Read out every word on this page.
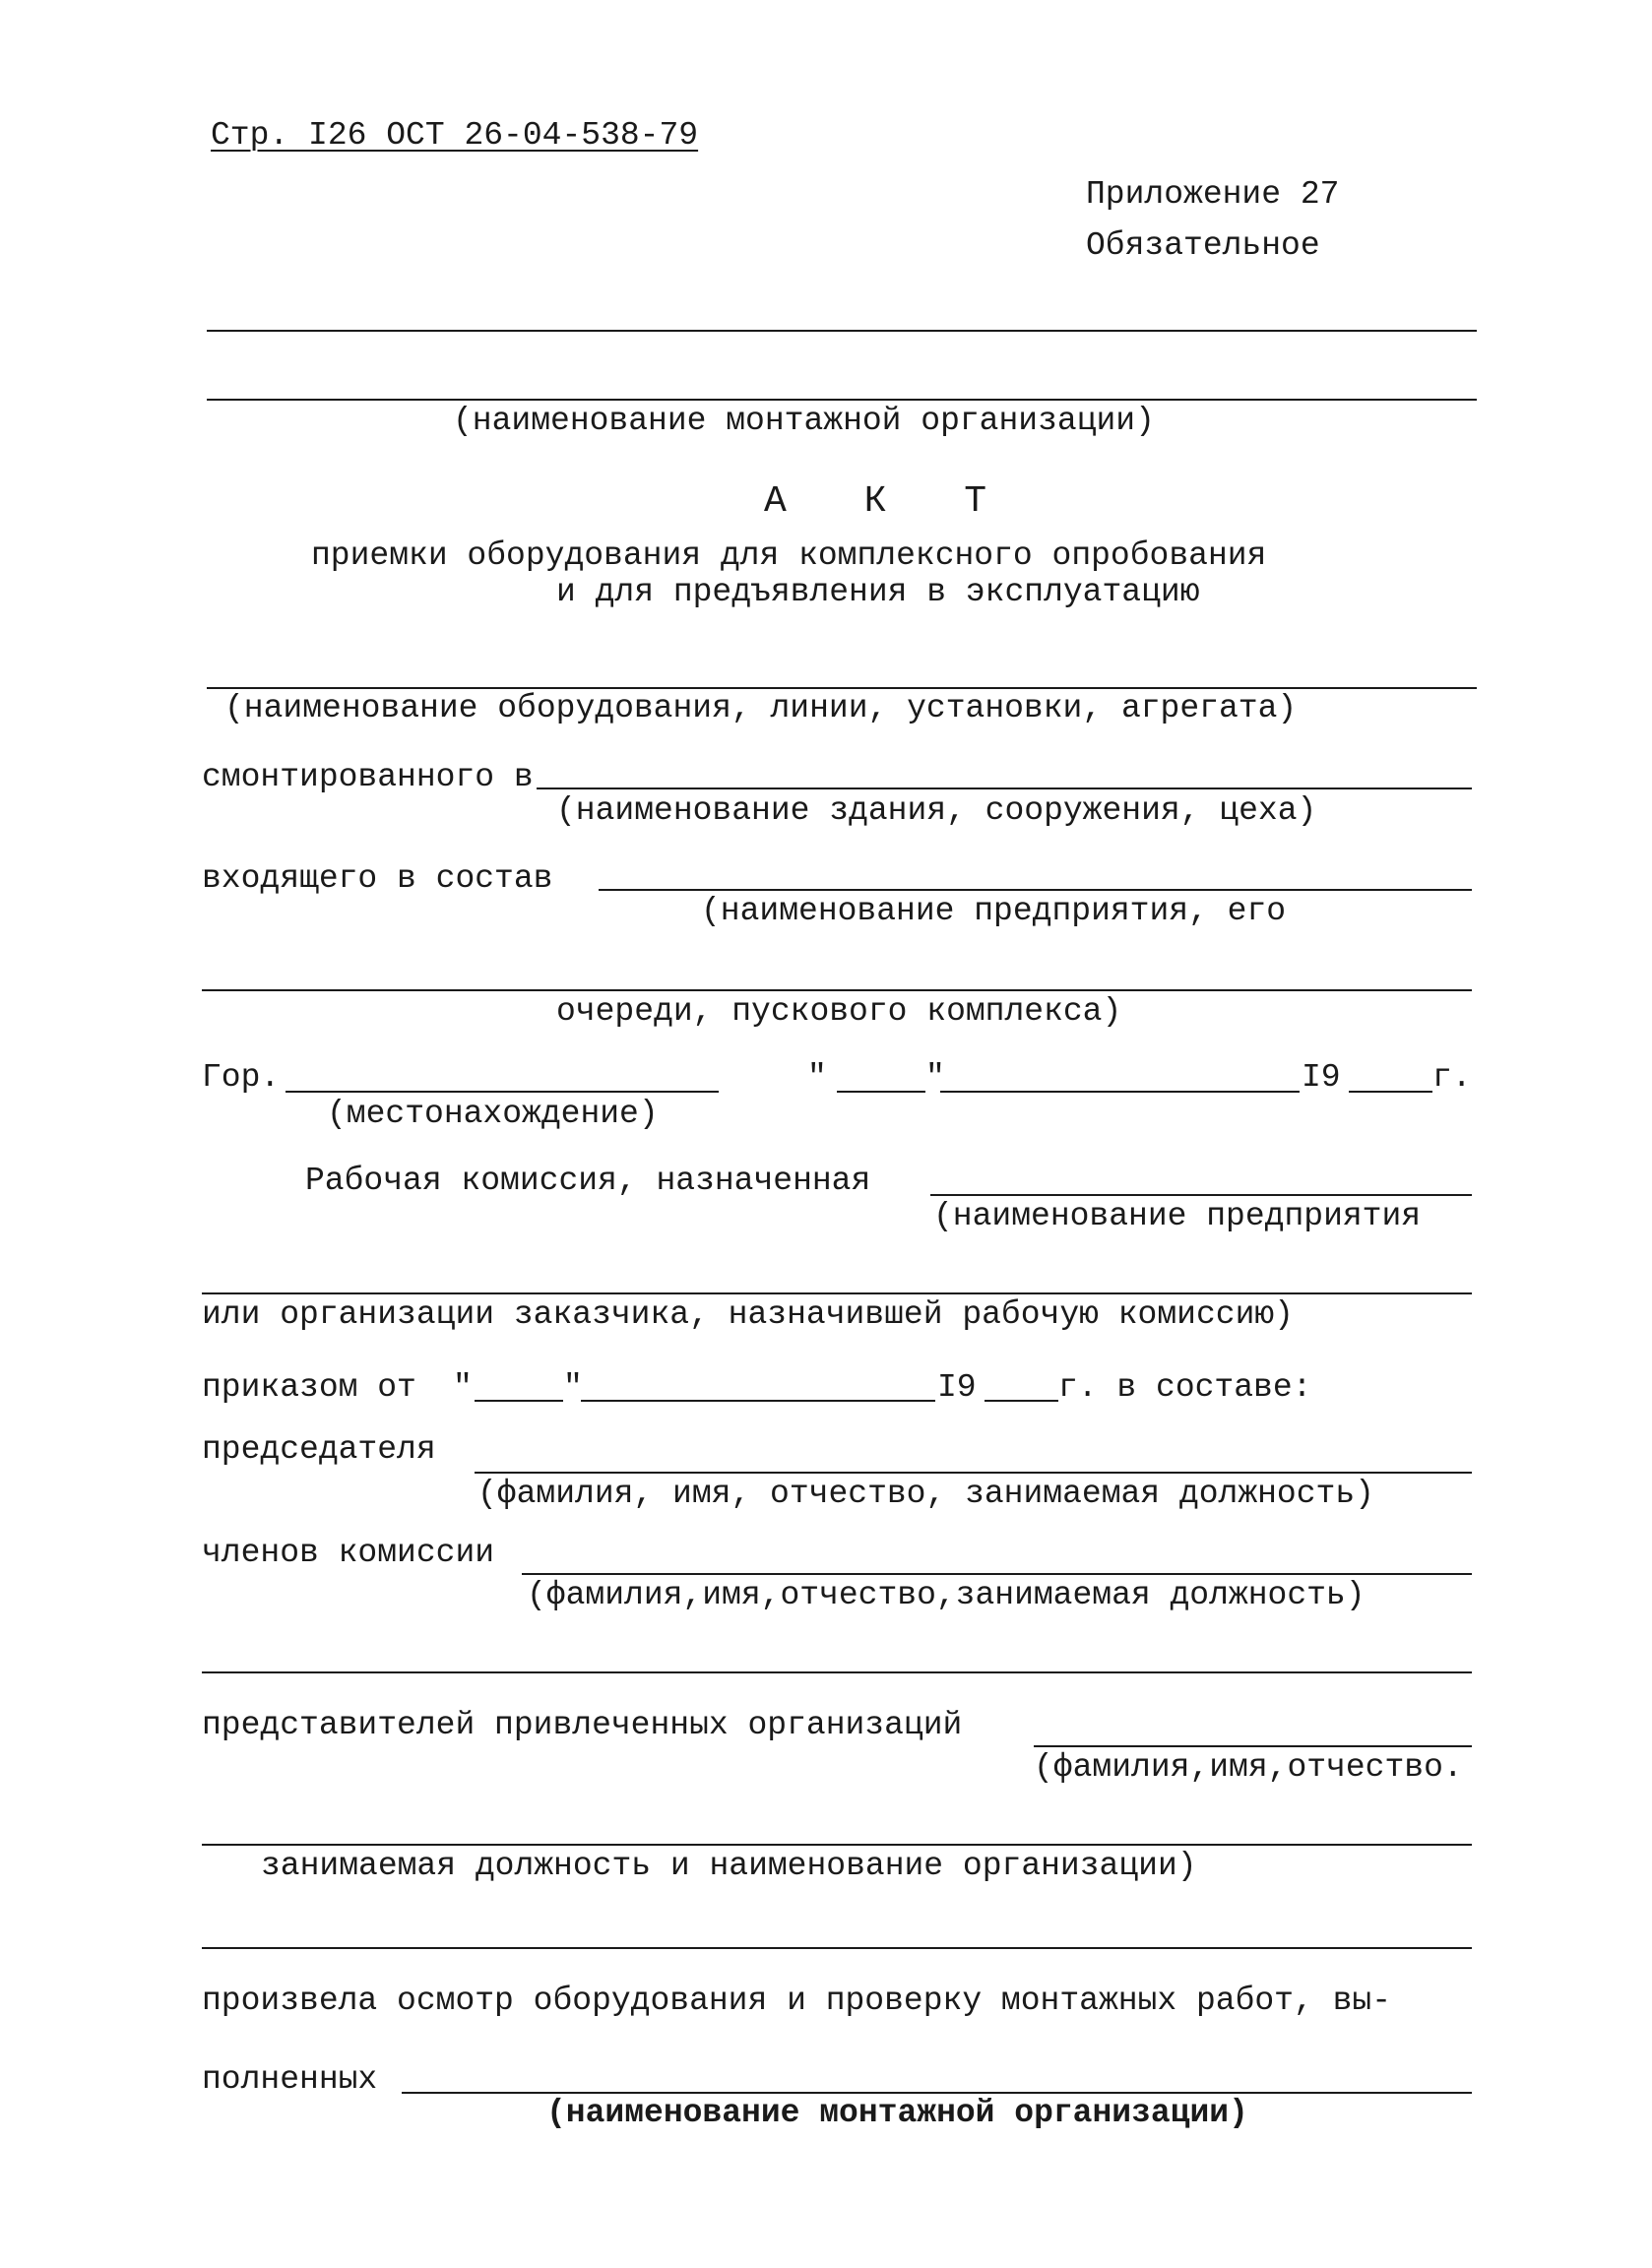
Стр. I26 ОСТ 26-04-538-79
Приложение 27
Обязательное
(наименование монтажной организации)
А К Т
приемки оборудования для комплексного опробования
и для предъявления в эксплуатацию
(наименование оборудования, линии, установки, агрегата)
смонтированного в
(наименование здания, сооружения, цеха)
входящего в состав
(наименование предприятия, его
очереди, пускового комплекса)
Гор.
(местонахождение)
"	"	I9	г.
Рабочая комиссия, назначенная
(наименование предприятия
или организации заказчика, назначившей рабочую комиссию)
приказом от "	"	I9	г. в составе:
председателя
(фамилия, имя, отчество, занимаемая должность)
членов комиссии
(фамилия,имя,отчество,занимаемая должность)
представителей привлеченных организаций
(фамилия,имя,отчество.
занимаемая должность и наименование организации)
произвела осмотр оборудования и проверку монтажных работ, вы-
полненных
(наименование монтажной организации)
